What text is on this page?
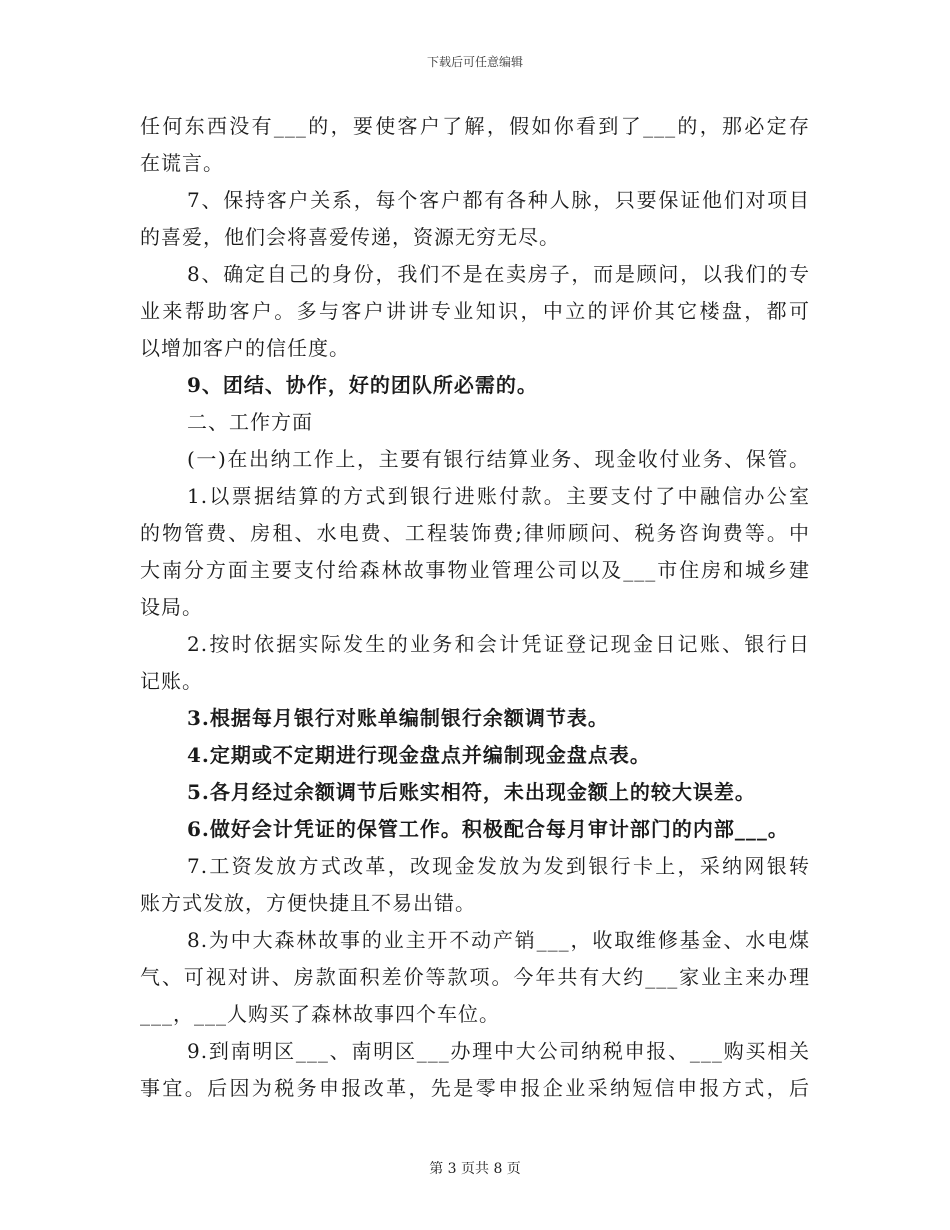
下载后可任意编辑
任何东西没有___的，要使客户了解，假如你看到了___的，那必定存
在谎言。
7、保持客户关系，每个客户都有各种人脉，只要保证他们对项目
的喜爱，他们会将喜爱传递，资源无穷无尽。
8、确定自己的身份，我们不是在卖房子，而是顾问，以我们的专
业来帮助客户。多与客户讲讲专业知识，中立的评价其它楼盘，都可
以增加客户的信任度。
9、团结、协作，好的团队所必需的。
二、工作方面
(一)在出纳工作上，主要有银行结算业务、现金收付业务、保管。
1.以票据结算的方式到银行进账付款。主要支付了中融信办公室
的物管费、房租、水电费、工程装饰费;律师顾问、税务咨询费等。中
大南分方面主要支付给森林故事物业管理公司以及___市住房和城乡建
设局。
2.按时依据实际发生的业务和会计凭证登记现金日记账、银行日
记账。
3.根据每月银行对账单编制银行余额调节表。
4.定期或不定期进行现金盘点并编制现金盘点表。
5.各月经过余额调节后账实相符，未出现金额上的较大误差。
6.做好会计凭证的保管工作。积极配合每月审计部门的内部___。
7.工资发放方式改革，改现金发放为发到银行卡上，采纳网银转
账方式发放，方便快捷且不易出错。
8.为中大森林故事的业主开不动产销___，收取维修基金、水电煤
气、可视对讲、房款面积差价等款项。今年共有大约___家业主来办理
___，___人购买了森林故事四个车位。
9.到南明区___、南明区___办理中大公司纳税申报、___购买相关
事宜。后因为税务申报改革，先是零申报企业采纳短信申报方式，后
第 3 页共 8 页
